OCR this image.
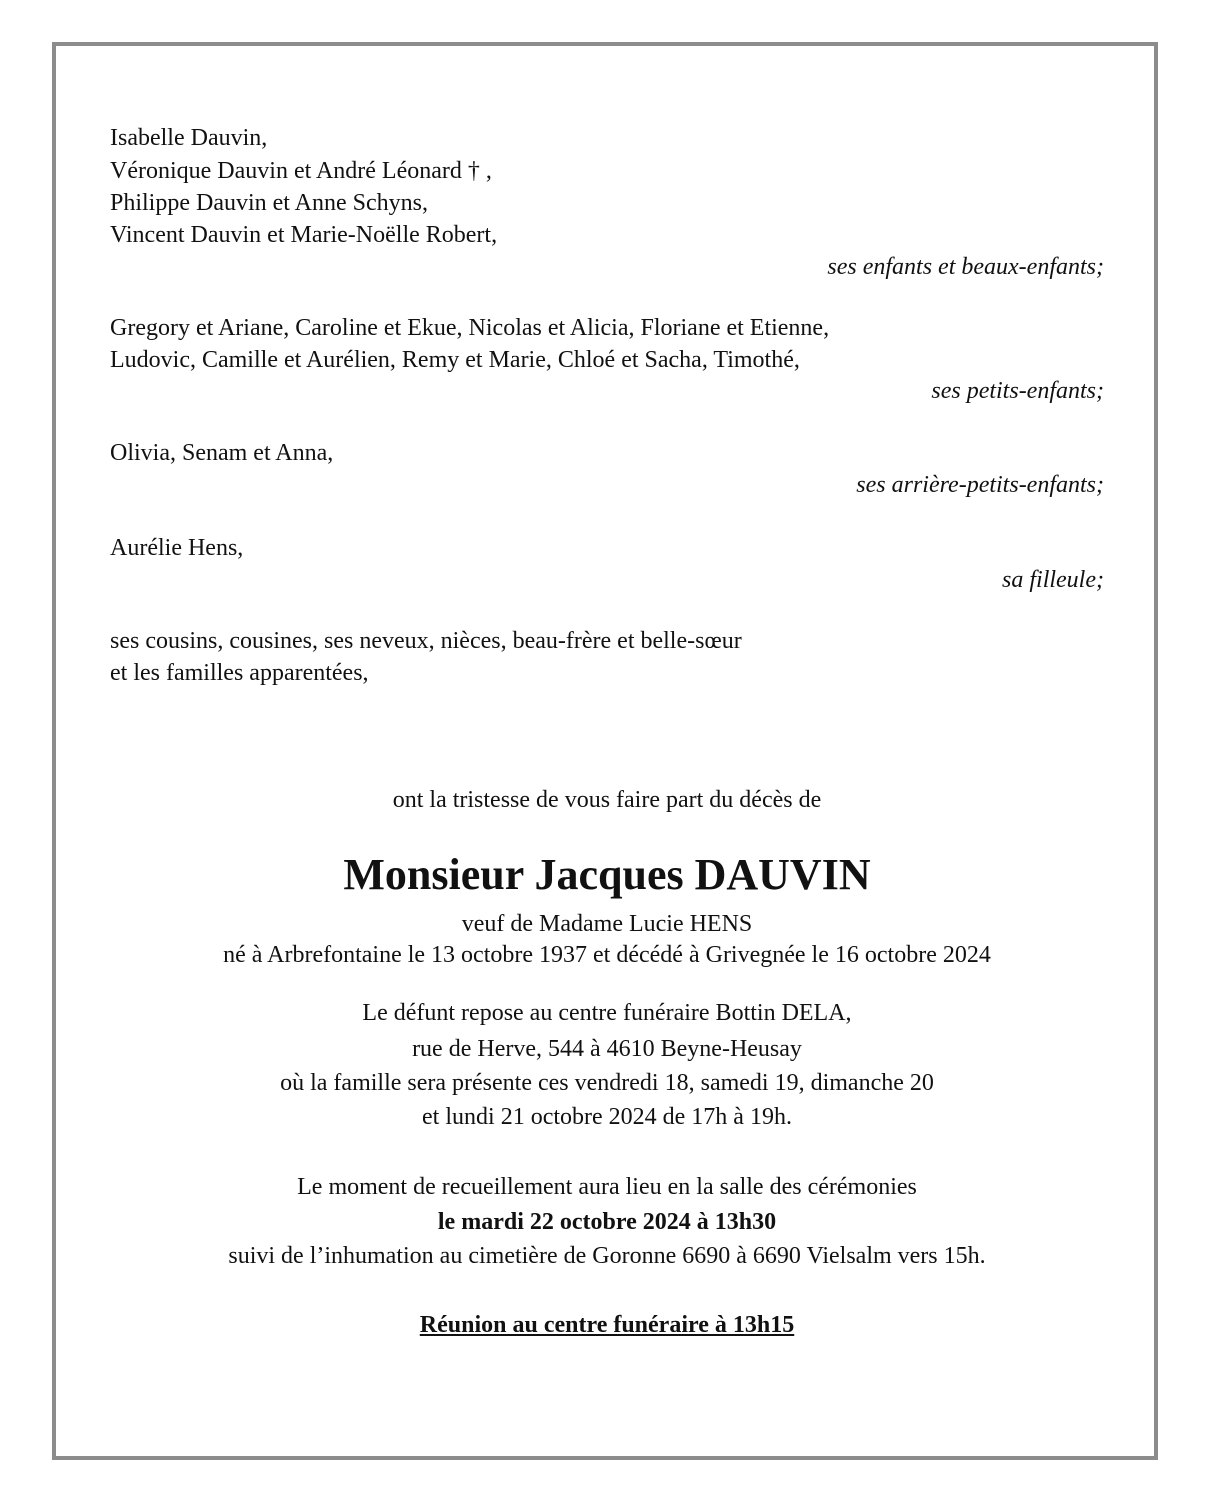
Isabelle Dauvin,
Véronique Dauvin et André Léonard † ,
Philippe Dauvin et Anne Schyns,
Vincent Dauvin et Marie-Noëlle Robert,
ses enfants et beaux-enfants;
Gregory et Ariane, Caroline et Ekue, Nicolas et Alicia, Floriane et Etienne,
Ludovic, Camille et Aurélien, Remy et Marie, Chloé et Sacha, Timothé,
ses petits-enfants;
Olivia, Senam et Anna,
ses arrière-petits-enfants;
Aurélie Hens,
sa filleule;
ses cousins, cousines, ses neveux, nièces, beau-frère et belle-sœur
et les familles apparentées,
ont la tristesse de vous faire part du décès de
Monsieur Jacques DAUVIN
veuf de Madame Lucie HENS
né à Arbrefontaine le 13 octobre 1937 et décédé à Grivegnée le 16 octobre 2024
Le défunt repose au centre funéraire Bottin DELA,
rue de Herve, 544 à 4610 Beyne-Heusay
où la famille sera présente ces vendredi 18, samedi 19, dimanche 20
et lundi 21 octobre 2024 de 17h à 19h.
Le moment de recueillement aura lieu en la salle des cérémonies
le mardi 22 octobre 2024 à 13h30
suivi de l’inhumation au cimetière de Goronne 6690 à 6690 Vielsalm vers 15h.
Réunion au centre funéraire à 13h15
